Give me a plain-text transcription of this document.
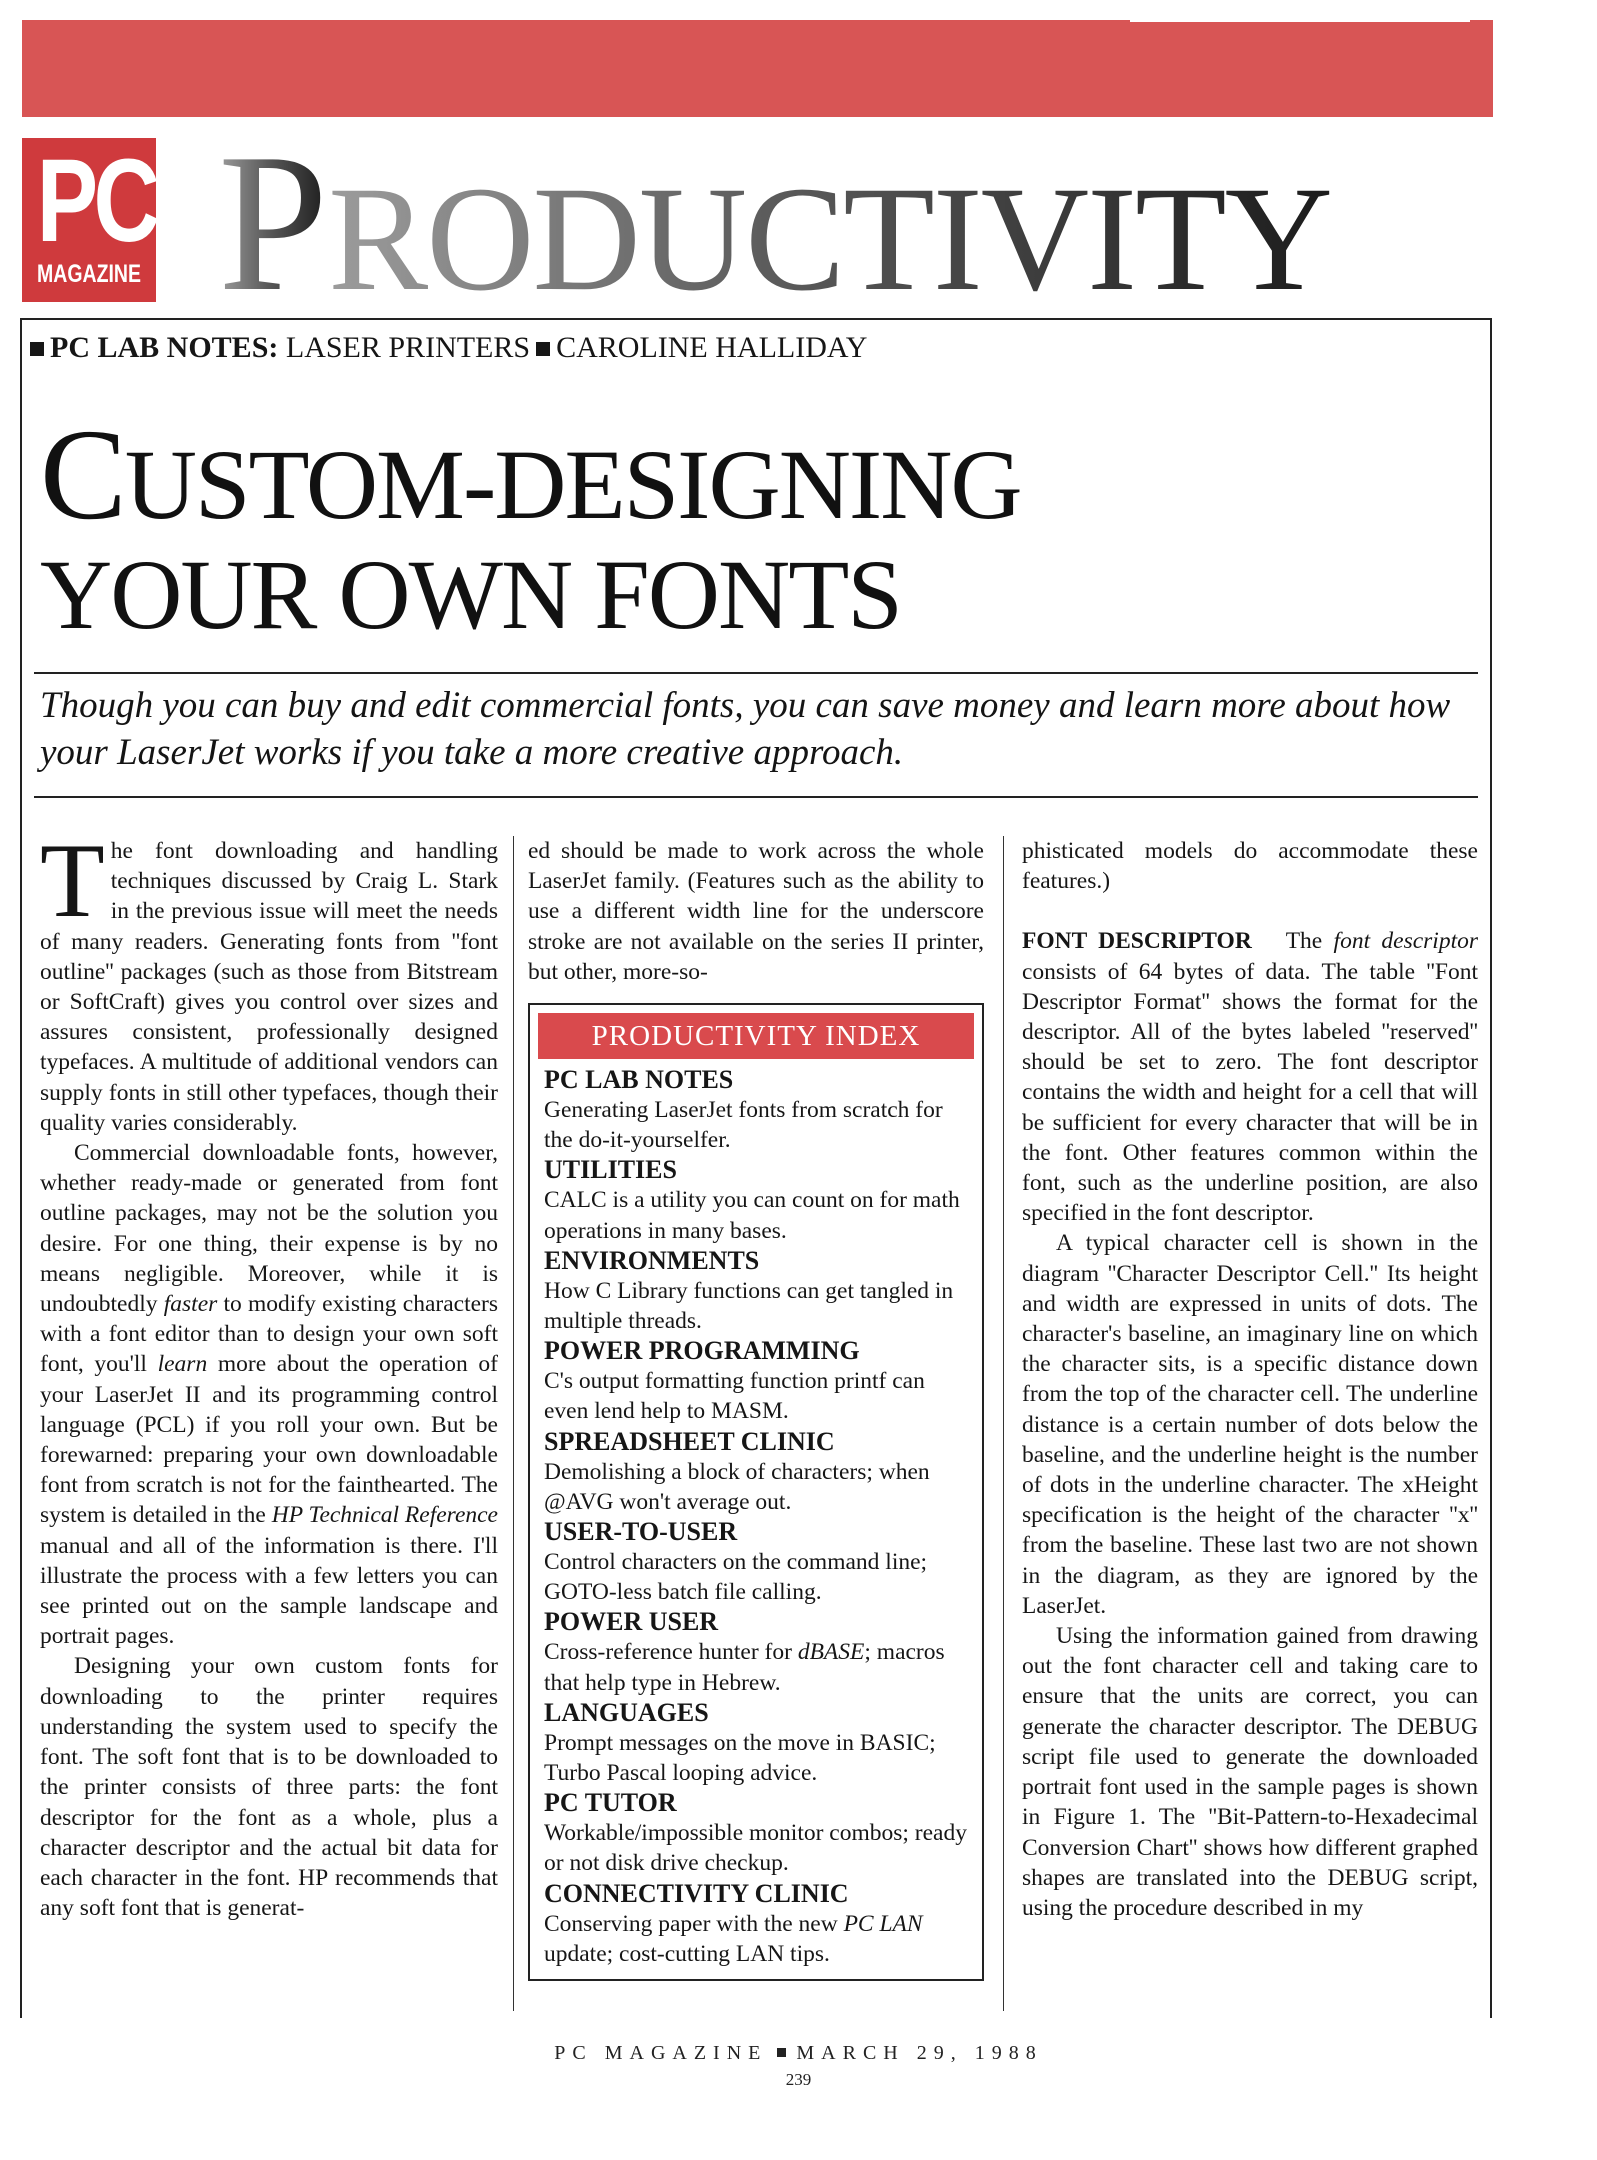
PC
MAGAZINE PRODUCTIVITY
PC LAB NOTES: LASER PRINTERS CAROLINE HALLIDAY
CUSTOM-DESIGNING
YOUR OWN FONTS
Though you can buy and edit commercial fonts, you can save money and learn more about how your LaserJet works if you take a more creative approach.

The font downloading and handling techniques discussed by Craig L. Stark in the previous issue will meet the needs of many readers. Generating fonts from ''font outline'' packages (such as those from Bitstream or SoftCraft) gives you control over sizes and assures consistent, professionally designed typefaces. A multitude of additional vendors can supply fonts in still other typefaces, though their quality varies considerably.

Commercial downloadable fonts, however, whether ready-made or generated from font outline packages, may not be the solution you desire. For one thing, their expense is by no means negligible. Moreover, while it is undoubtedly faster to modify existing characters with a font editor than to design your own soft font, you'll learn more about the operation of your LaserJet II and its programming control language (PCL) if you roll your own. But be forewarned: preparing your own downloadable font from scratch is not for the fainthearted. The system is detailed in the HP Technical Reference manual and all of the information is there. I'll illustrate the process with a few letters you can see printed out on the sample landscape and portrait pages.

Designing your own custom fonts for downloading to the printer requires understanding the system used to specify the font. The soft font that is to be downloaded to the printer consists of three parts: the font descriptor for the font as a whole, plus a character descriptor and the actual bit data for each character in the font. HP recommends that any soft font that is generat-

ed should be made to work across the whole LaserJet family. (Features such as the ability to use a different width line for the underscore stroke are not available on the series II printer, but other, more-so-

PRODUCTIVITY INDEX
PC LAB NOTES
Generating LaserJet fonts from scratch for the do-it-yourselfer.
UTILITIES
CALC is a utility you can count on for math operations in many bases.
ENVIRONMENTS
How C Library functions can get tangled in multiple threads.
POWER PROGRAMMING
C's output formatting function printf can even lend help to MASM.
SPREADSHEET CLINIC
Demolishing a block of characters; when @AVG won't average out.
USER-TO-USER
Control characters on the command line; GOTO-less batch file calling.
POWER USER
Cross-reference hunter for dBASE; macros that help type in Hebrew.
LANGUAGES
Prompt messages on the move in BASIC; Turbo Pascal looping advice.
PC TUTOR
Workable/impossible monitor combos; ready or not disk drive checkup.
CONNECTIVITY CLINIC
Conserving paper with the new PC LAN update; cost-cutting LAN tips.

phisticated models do accommodate these features.)

FONT DESCRIPTOR The font descriptor consists of 64 bytes of data. The table ''Font Descriptor Format'' shows the format for the descriptor. All of the bytes labeled ''reserved'' should be set to zero. The font descriptor contains the width and height for a cell that will be sufficient for every character that will be in the font. Other features common within the font, such as the underline position, are also specified in the font descriptor.

A typical character cell is shown in the diagram ''Character Descriptor Cell.'' Its height and width are expressed in units of dots. The character's baseline, an imaginary line on which the character sits, is a specific distance down from the top of the character cell. The underline distance is a certain number of dots below the baseline, and the underline height is the number of dots in the underline character. The xHeight specification is the height of the character ''x'' from the baseline. These last two are not shown in the diagram, as they are ignored by the LaserJet.

Using the information gained from drawing out the font character cell and taking care to ensure that the units are correct, you can generate the character descriptor. The DEBUG script file used to generate the downloaded portrait font used in the sample pages is shown in Figure 1. The ''Bit-Pattern-to-Hexadecimal Conversion Chart'' shows how different graphed shapes are translated into the DEBUG script, using the procedure described in my

PC MAGAZINE MARCH 29, 1988
239
